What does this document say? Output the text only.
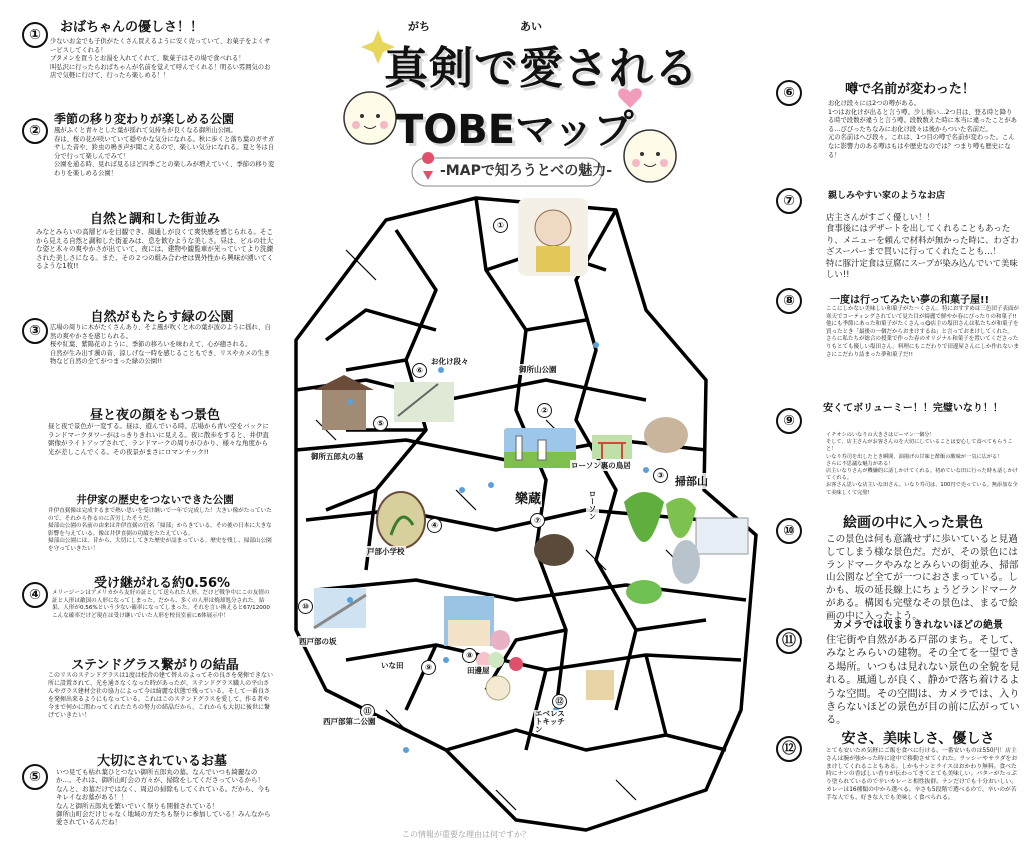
①	おばちゃんの優しさ！！
少ないお金でも子供がたくさん買えるように安く売っていて、お菓子をよくサービスしてくれる！
ブタメンを買うとお湯を入れてくれて、駄菓子はその場で食べれる！
叫弘沢に行ったらおばちゃんが名前を覚えて呼んでくれる！明るい雰囲気のお店で気軽に行けて、行ったら楽しめる！！
②
季節の移り変わりが楽しめる公園
風がふくと青々とした葉が揺れて気持ちが良くなる御所山公園。
春は、桜の花が咲いていて穏やかな気分になれる。秋に歩くと落ち葉のガサガサした音や、鈴虫の鳴き声が聞こえるので、楽しい気分になれる。夏と冬は自分で行って楽しんでみて！
公園を通る時、見れば見るほど四季ごとの楽しみが増えていく、季節の移り変わりを楽しめる公園！
自然と調和した街並み
みなとみらいの高層ビルを目観でき、風通しが良くて爽快感を感じられる。そこから見える自然と調和した街並みは、息を飲むような美しさ。昼は、ビルの壮大な姿と木々の爽やかさが出ていて、夜には、建物や観覧車が光っていてより洗練された美しさになる。また、その２つの組み合わせは異外性から興味が湧いてくるような1枚!!
③
自然がもたらす緑の公園
広場の周りに木がたくさんあり、そよ風が吹くと木の葉が波のように揺れ、自然の爽やかさを感じられる。
桜や紅葉、紫陽花のように、季節の移ろいを味わえて、心が癒される。
自然が生み出す濁の音、涼しげな一時を感じることもでき、リスやカメの生き物など自然の全てがつまった緑の公園!!
昼と夜の顔をもつ景色
昼と夜で景色が一変する。昼は、遊んでいる時、広場から青い空をバックにランドマークタワーがはっきりきれいに見える。夜に散歩をすると、井伊直弼像がライトアップされて、ランドマークの周りがひかり、様々な角度から光が差しこんでくる。その夜景がまさにロマンチック!!
井伊家の歴史をつないできた公園
井伊直弼像は完成するまで熱い思いを受け継いで一年で完成した！大きい像がたっていたので、それから作るのに苦労したそうだ。
掃部山公園の名前の由来は井伊直弼の官名「掃部」からきている。その後の日本に大きな影響を与えている。像は井伊直弼の功績をたたえている。
掃部山公園には、昔から、大切にしてきた歴史が詰まっている。歴史を残し、掃部山公園を守っていきたい！
④
受け継がれる約0.56%
メリージーンはアメリカから友好の証として送られた人形。だけど戦争中にこの友情の証と人形は敵国の人形になってしまった。だから、多くの人形は焼却処分された。結果、人形が0.56%という少ない確率になってしまった。それを言い換えると67/12000
こんな確率だけど現在は受け継いでいた人形を校長室前に6体展示中！
ステンドグラス繋がりの結晶
このリスのステンドグラスは1度は校舎の建て替えのよってその良さを発揮できない所に設置されて、光を通さなくなった時があったが、ステンドグラス職人の平山さんやガラス建材会社の協力によって今は綺麗な状態で残っている。そして一番良さを発揮出来るようにもなっている。これはこのステンドグラスを愛して、作る者や今まで何かに関わってくれたたちの努力の結晶だから、これからも大切に後世に繋げていきたい！
⑤
大切にされているお墓
いつ見ても枯れ葉ひとつない御所五郎丸の墓。なんでいつも綺麗なのか…。それは、御所山町会の方々が、掃除をしてくださっているから！
なんと、お墓だけではなく、周辺の掃除もしてくれている。だから、今もキレイなお墓がある！！
なんと御所五郎丸を繁いでいく祭りも開催されている！
御所山町会だけじゃなく地域の方たちも祭りに参加している！みんなから愛されているんだね！
がち	あい
真剣で愛される
TOBEマップ
-MAPで知ろうとべの魅力-
①
②
③
④
⑤
⑥
⑦
⑧
⑨
⑩
⑪
⑫
お化け段々
御所山公園
御所五郎丸の墓
ローソン裏の鳥居
樂蔵
掃部山
戸部小学校
西戸部の坂
いな田
田邊屋
エベレストキッチン
西戸部第二公園
ローソン
この情報が重要な理由は何ですか？
⑥	噂で名前が変わった！
お化け段々には2つの噂がある。
1つはお化けが出ると言う噂。少し怖い…2つ目は、登る時と降りる時で段数が違うと言う噂。段数数えた時に本当に違ったことがある…びびったちなみにお化け段々は後からついた名前だ。
元の名前はへび段々。これは、1つ目の噂で名前が変わった。こんなに影響力のある噂はもはや歴史なのでは？つまり噂も歴史になる！
⑦	親しみやすい家のようなお店
店主さんがすごく優しい！！
食事後にはデザートを出してくれることもあったり、メニューを頼んで材料が無かった時に、わざわざスーパーまで買いに行ってくれたことも…！
特に豚汁定食は豆腐にスープが染み込んでいて美味しい!!
⑧	一度は行ってみたい夢の和菓子屋!!
ここにしかない美味しい和菓子がた〜くさん。特におすすめは三色団子表面が寒天でコーティングされていて見た目が綺麗で鮮やか春にぴったりの和菓子!!他にも季節にあった和菓子がたくさんっ😋店主の塩田さんは私たちが和菓子を買ったとき「最後の一個だからおまけするね」と言っておまけしてくれた。
さらに私たちが総合の授業で作った春のオリジナル和菓子を置いてくださったりもとても優しい塩田さん。料理にもこだわりで田邊屋さんにしか作れないまさにこだわり詰まった夢和菓子だ!!
⑨
安くてボリューミー！！完璧いなり！！
イチオシのいなりの大きさはビーマン一個分！
そして、店主さんがお客さんのを大切にしていることは安心して食べてもらうこと！
いなり寿司を出したとき瞬間、油揚げの甘味と酢飯の酸味が一気に広がる！
さらに不思議な魅力がある！
店主いなりさんが機嫌的に話しかけてくれる。初めていな田に行った時も話しかけてくれる。
お客さん思いな店主いな田さん。いなり寿司は、100円で売っている。無添加な全て美味しくて完璧!
⑩	絵画の中に入った景色
この景色は何も意識せずに歩いていると見過してしまう様な景色だ。だが、その景色にはランドマークやみなとみらいの街並み、掃部山公園など全てが一つにおさまっている。しかも、坂の延長線上にちょうどランドマークがある。構図も完璧なその景色は、まるで絵画の中に入ったよう。
カメラでは収まりきれないほどの絶景
⑪	住宅街や自然がある戸部のまち。そして、みなとみらいの建物。その全てを一望できる場所。いつもは見れない景色の全貌を見れる。風通しが良く、静かで落ち着けるような空間。その空間は、カメラでは、入りきらないほどの景色が目の前に広がっている。
⑫
安さ、美味しさ、優しさ
とても安いため気軽にご飯を食べに行ける。一番安いものは550円！店主さんは腕が強かった時に途中で移動させてくれた。ラッシーやサラダをおまけしてくれることもある。しかもナンとライスはおかわり無料。食べた時にナンの香ばしい香りが伝わってきてとても美味しい。バターがたっぷり塗られているので辛いカレーと相性抜群。ナンだけでも十分おいしい。カレーは16種類の中から選べる。辛さも5段階で選べるので、辛いのが苦手な人でも、好きな人でも美味しく食べられる。
